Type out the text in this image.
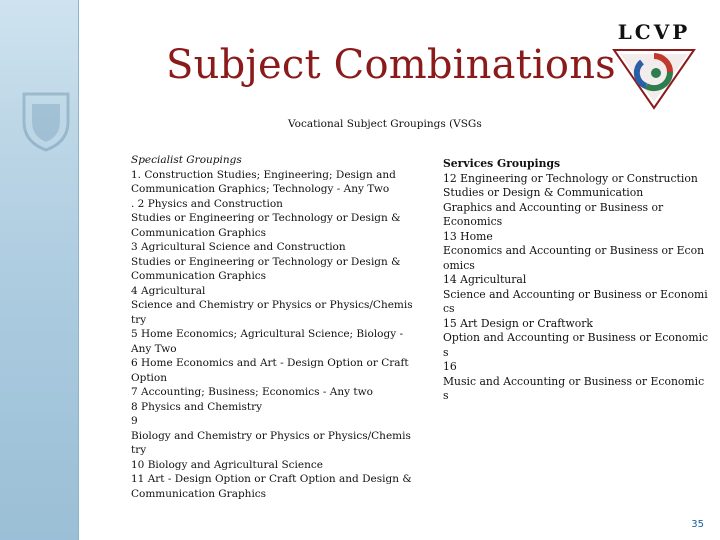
Subject Combinations
LCVP
Vocational Subject Groupings (VSGs
Specialist Groupings
1. Construction Studies; Engineering; Design and
Communication Graphics; Technology - Any Two
. 2 Physics and Construction
Studies or Engineering or Technology or Design &
Communication Graphics
3 Agricultural Science and Construction
Studies or Engineering or Technology or Design &
Communication Graphics
4 Agricultural
Science and Chemistry or Physics or Physics/Chemis
try
5 Home Economics; Agricultural Science; Biology -
Any Two
6 Home Economics and Art - Design Option or Craft
Option
7 Accounting; Business; Economics - Any two
8 Physics and Chemistry
9
Biology and Chemistry or Physics or Physics/Chemis
try
10 Biology and Agricultural Science
11 Art - Design Option or Craft Option and Design &
Communication Graphics
Services Groupings
12 Engineering or Technology or Construction
Studies or Design & Communication
Graphics and Accounting or Business or
Economics
13 Home
Economics and Accounting or Business or Econ
omics
14 Agricultural
Science and Accounting or Business or Economi
cs
15 Art Design or Craftwork
Option and Accounting or Business or Economic
s
16
Music and Accounting or Business or Economic
s
35
